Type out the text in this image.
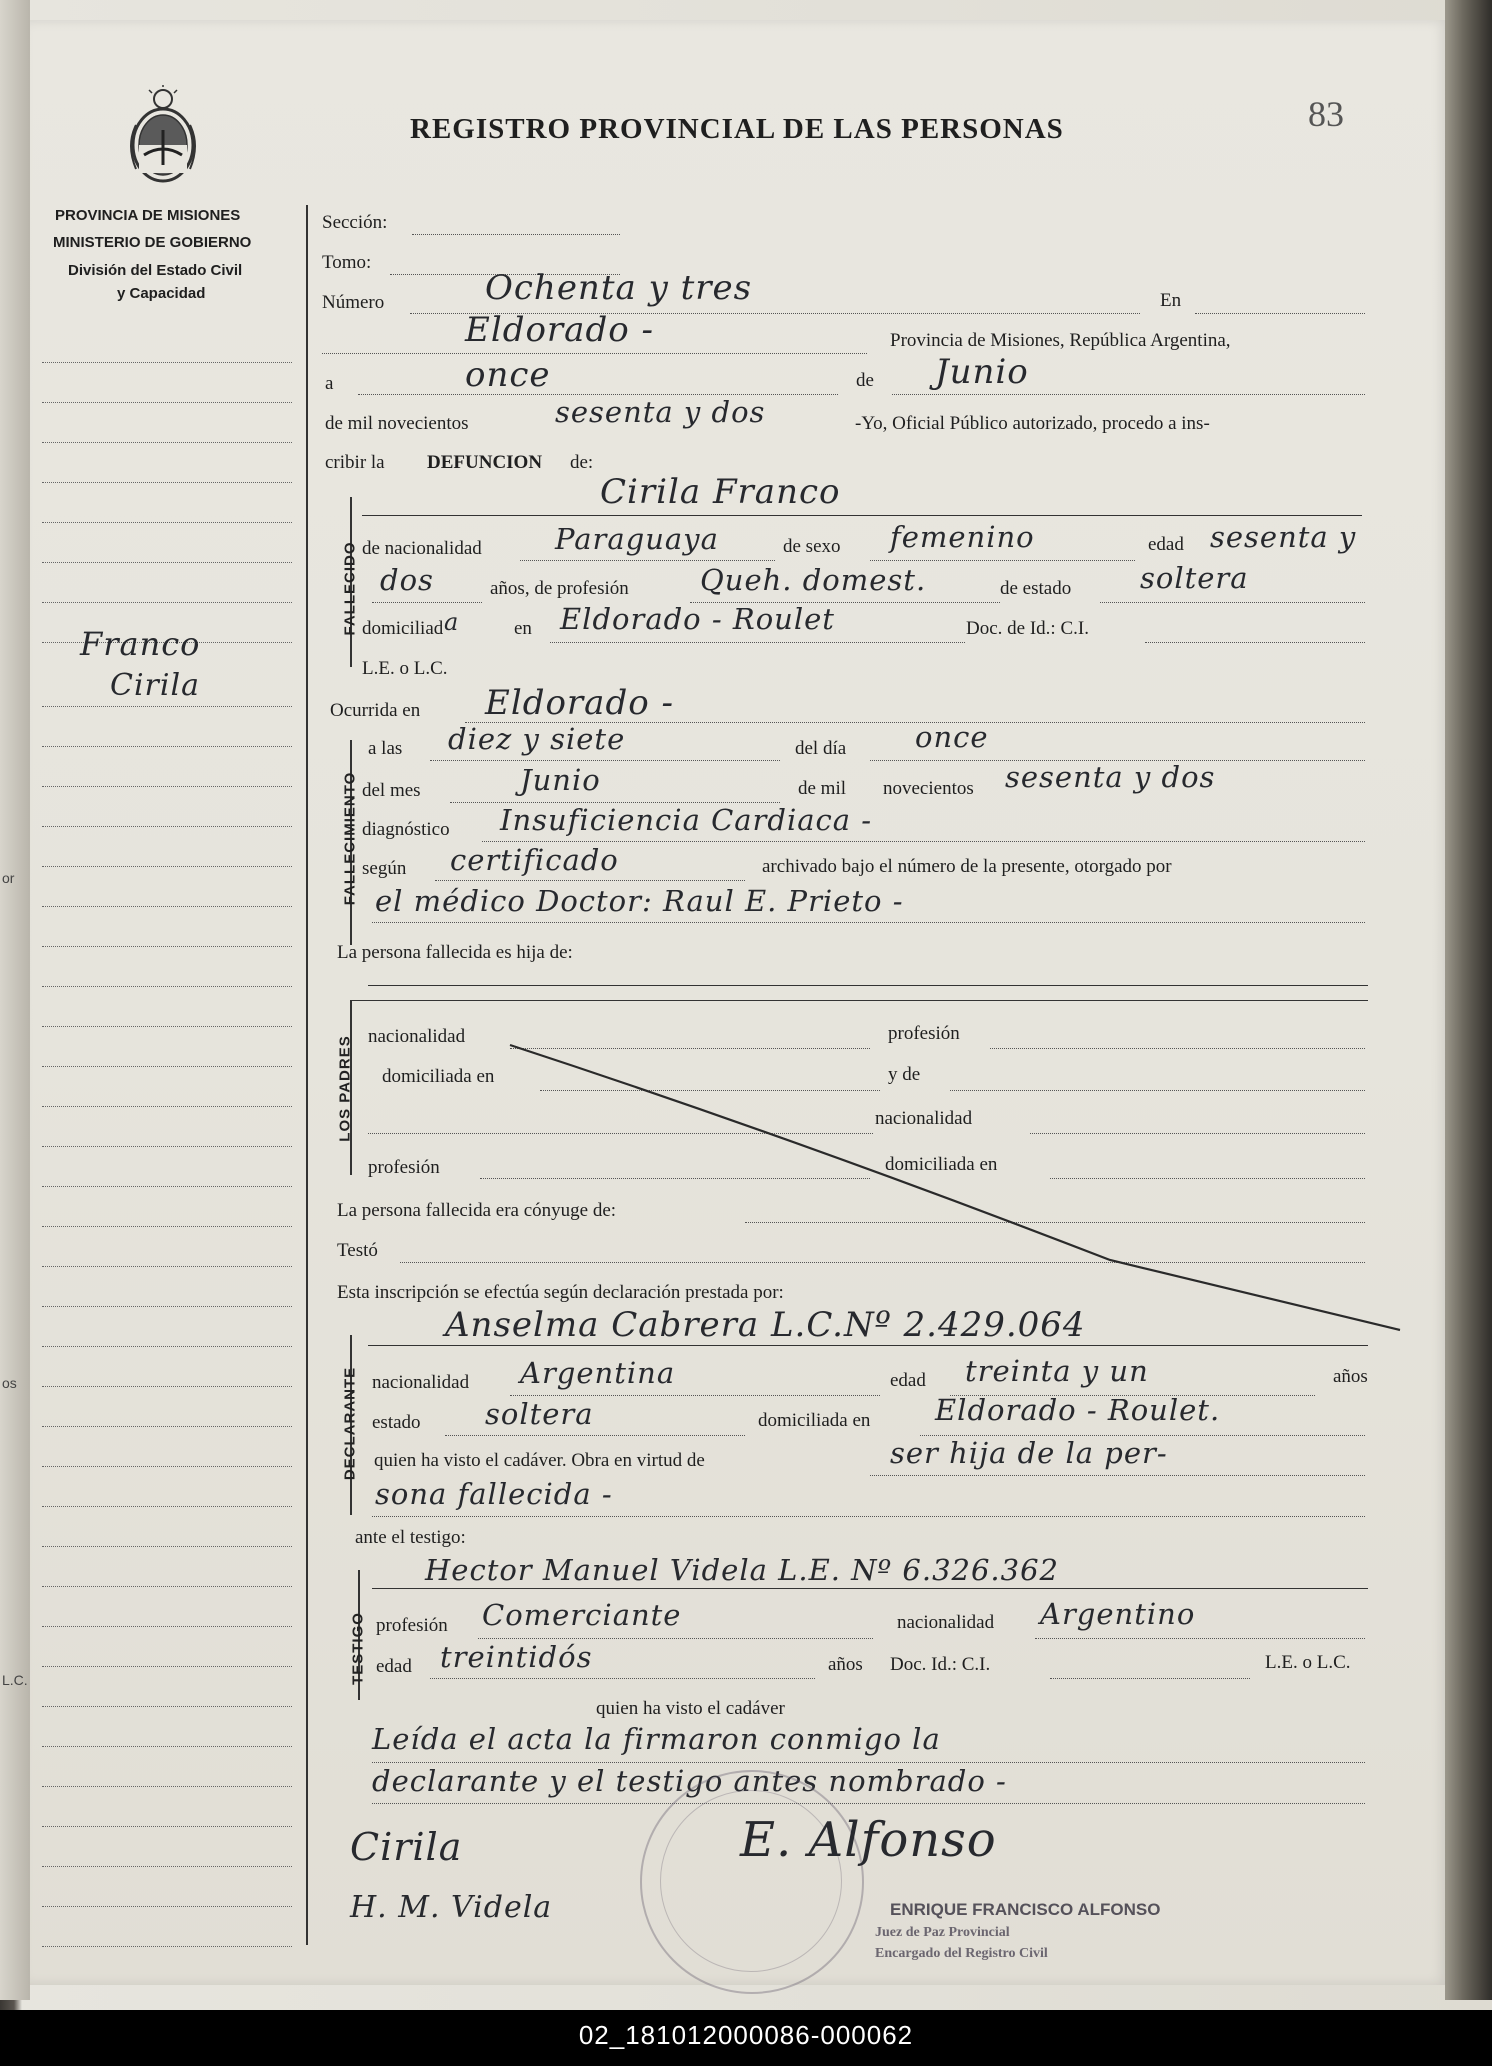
or
os
L.C.
REGISTRO PROVINCIAL DE LAS PERSONAS	83
PROVINCIA DE MISIONES
MINISTERIO DE GOBIERNO
División del Estado Civil
y Capacidad
Franco
Cirila
Sección:
Tomo:
Número	Ochenta y tres	En
Eldorado -	Provincia de Misiones, República Argentina,
a	once	de Junio
de mil novecientos	sesenta y dos	-Yo, Oficial Público autorizado, procedo a ins-
cribir la DEFUNCION de:
FALLECIDO
Cirila Franco
de nacionalidad	Paraguaya	de sexo femenino	edad sesenta y
dos	años, de profesión Queh. domest.	de estado soltera
domiciliad a	en Eldorado - Roulet	Doc. de Id.: C.I.
L.E. o L.C.
Ocurrida en Eldorado -
FALLECIMIENTO
a las diez y siete	del día once
del mes	Junio	de mil novecientos sesenta y dos
diagnóstico Insuficiencia Cardiaca -
según certificado	archivado bajo el número de la presente, otorgado por
el médico Doctor: Raul E. Prieto -
La persona fallecida es hija de:
LOS PADRES nacionalidad	profesión
domiciliada en	y de
nacionalidad
profesión	domiciliada en
La persona fallecida era cónyuge de:
Testó
Esta inscripción se efectúa según declaración prestada por:
DECLARANTE
Anselma Cabrera L.C.Nº 2.429.064
nacionalidad Argentina	edad treinta y un	años
estado soltera	domiciliada en Eldorado - Roulet.
quien ha visto el cadáver. Obra en virtud de	ser hija de la per-
sona fallecida -
ante el testigo:
TESTIGO
Hector Manuel Videla L.E. Nº 6.326.362
profesión Comerciante	nacionalidad Argentino
edad treintidós	años Doc. Id.: C.I.	L.E. o L.C.
quien ha visto el cadáver
Leída el acta la firmaron conmigo la
declarante y el testigo antes nombrado -
Cirila	E. Alfonso
H. M. Videla	ENRIQUE FRANCISCO ALFONSO
Juez de Paz Provincial
Encargado del Registro Civil
02_181012000086-000062
